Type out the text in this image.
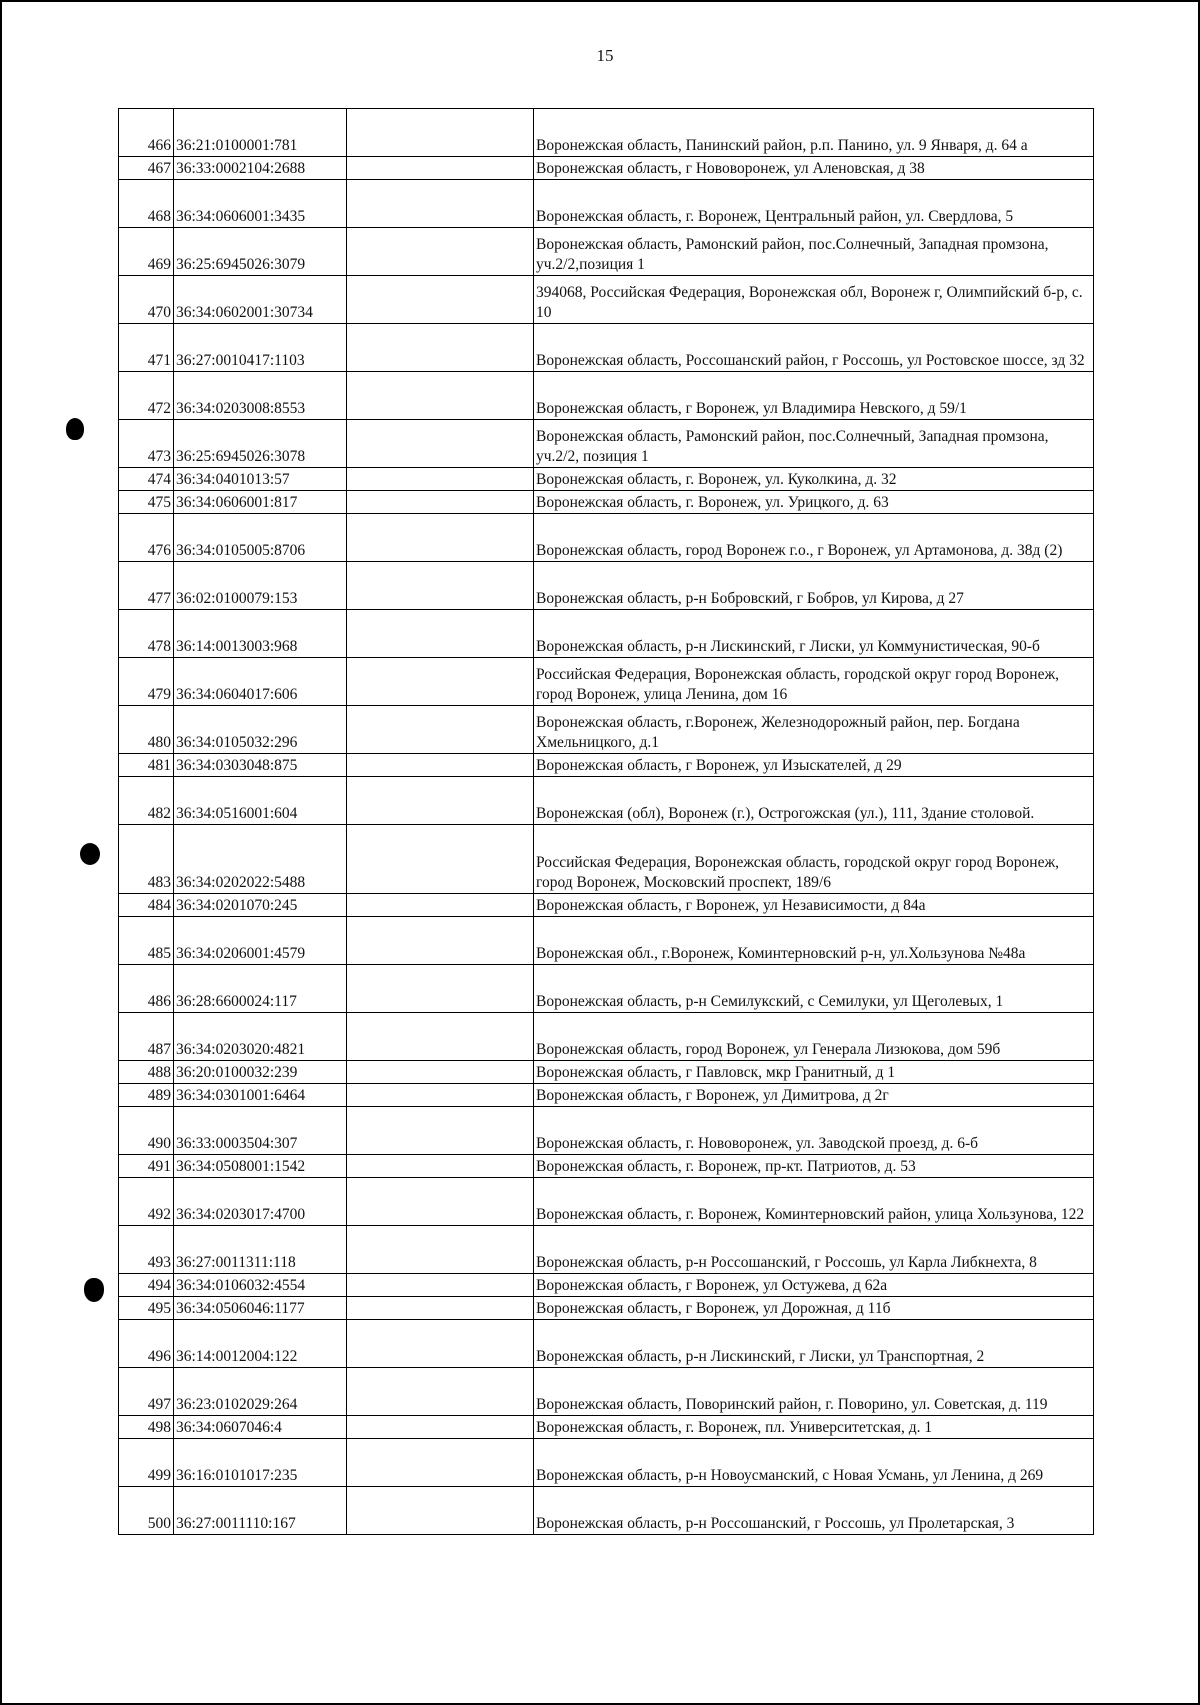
15
466	36:21:0100001:781		Воронежская область, Панинский район, р.п. Панино, ул. 9 Января, д. 64 а
467	36:33:0002104:2688		Воронежская область, г Нововоронеж, ул Аленовская, д 38
468	36:34:0606001:3435		Воронежская область, г. Воронеж, Центральный район, ул. Свердлова, 5
469	36:25:6945026:3079		Воронежская область, Рамонский район, пос.Солнечный, Западная промзона, уч.2/2,позиция 1
470	36:34:0602001:30734		394068, Российская Федерация, Воронежская обл, Воронеж г, Олимпийский б-р, с. 10
471	36:27:0010417:1103		Воронежская область, Россошанский район, г Россошь, ул Ростовское шоссе, зд 32
472	36:34:0203008:8553		Воронежская область, г Воронеж, ул Владимира Невского, д 59/1
473	36:25:6945026:3078		Воронежская область, Рамонский район, пос.Солнечный, Западная промзона, уч.2/2, позиция 1
474	36:34:0401013:57		Воронежская область, г. Воронеж, ул. Куколкина, д. 32
475	36:34:0606001:817		Воронежская область, г. Воронеж, ул. Урицкого, д. 63
476	36:34:0105005:8706		Воронежская область, город Воронеж г.о., г Воронеж, ул Артамонова, д. 38д (2)
477	36:02:0100079:153		Воронежская область, р-н Бобровский, г Бобров, ул Кирова, д 27
478	36:14:0013003:968		Воронежская область, р-н Лискинский, г Лиски, ул Коммунистическая, 90-б
479	36:34:0604017:606		Российская Федерация, Воронежская область, городской округ город Воронеж, город Воронеж, улица Ленина, дом 16
480	36:34:0105032:296		Воронежская область, г.Воронеж, Железнодорожный район, пер. Богдана Хмельницкого, д.1
481	36:34:0303048:875		Воронежская область, г Воронеж, ул Изыскателей, д 29
482	36:34:0516001:604		Воронежская (обл), Воронеж (г.), Острогожская (ул.), 111, Здание столовой.
483	36:34:0202022:5488		Российская Федерация, Воронежская область, городской округ город Воронеж, город Воронеж, Московский проспект, 189/6
484	36:34:0201070:245		Воронежская область, г Воронеж, ул Независимости, д 84а
485	36:34:0206001:4579		Воронежская обл., г.Воронеж, Коминтерновский р-н, ул.Хользунова №48а
486	36:28:6600024:117		Воронежская область, р-н Семилукский, с Семилуки, ул Щеголевых, 1
487	36:34:0203020:4821		Воронежская область, город Воронеж, ул Генерала Лизюкова, дом 59б
488	36:20:0100032:239		Воронежская область, г Павловск, мкр Гранитный, д 1
489	36:34:0301001:6464		Воронежская область, г Воронеж, ул Димитрова, д 2г
490	36:33:0003504:307		Воронежская область, г. Нововоронеж, ул. Заводской проезд, д. 6-б
491	36:34:0508001:1542		Воронежская область, г. Воронеж, пр-кт. Патриотов, д. 53
492	36:34:0203017:4700		Воронежская область, г. Воронеж, Коминтерновский район, улица Хользунова, 122
493	36:27:0011311:118		Воронежская область, р-н Россошанский, г Россошь, ул Карла Либкнехта, 8
494	36:34:0106032:4554		Воронежская область, г Воронеж, ул Остужева, д 62а
495	36:34:0506046:1177		Воронежская область, г Воронеж, ул Дорожная, д 11б
496	36:14:0012004:122		Воронежская область, р-н Лискинский, г Лиски, ул Транспортная, 2
497	36:23:0102029:264		Воронежская область, Поворинский район, г. Поворино, ул. Советская, д. 119
498	36:34:0607046:4		Воронежская область, г. Воронеж, пл. Университетская, д. 1
499	36:16:0101017:235		Воронежская область, р-н Новоусманский, с Новая Усмань, ул Ленина, д 269
500	36:27:0011110:167		Воронежская область, р-н Россошанский, г Россошь, ул Пролетарская, 3
